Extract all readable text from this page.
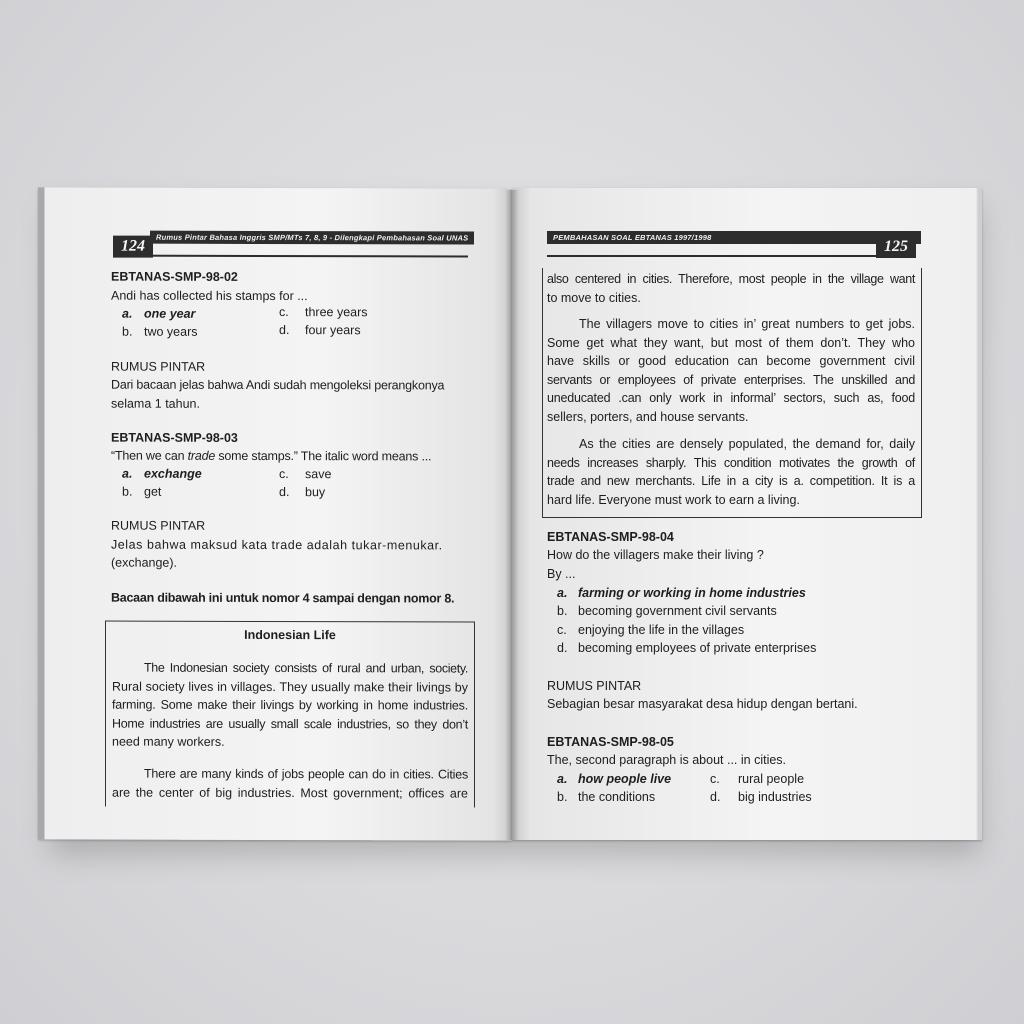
Rumus Pintar Bahasa Inggris SMP/MTs 7, 8, 9 - Dilengkapi Pembahasan Soal UNAS
124
EBTANAS-SMP-98-02
Andi has collected his stamps for ...
a. one year	c. three years
b. two years	d. four years
RUMUS PINTAR
Dari bacaan jelas bahwa Andi sudah mengoleksi perangkonya
selama 1 tahun.
EBTANAS-SMP-98-03
“Then we can trade some stamps.” The italic word means ...
a. exchange	c. save
b. get	d. buy
RUMUS PINTAR
Jelas bahwa maksud kata trade adalah tukar-menukar.
(exchange).
Bacaan dibawah ini untuk nomor 4 sampai dengan nomor 8.
Indonesian Life
The Indonesian society consists of rural and urban, society.
Rural society lives in villages. They usually make their livings by
farming. Some make their livings by working in home industries.
Home industries are usually small scale industries, so they don’t
need many workers.
There are many kinds of jobs people can do in cities. Cities
are the center of big industries. Most government; offices are
PEMBAHASAN SOAL EBTANAS 1997/1998
125
also centered in cities. Therefore, most people in the village want
to move to cities.
The villagers move to cities in’ great numbers to get jobs.
Some get what they want, but most of them don’t. They who
have skills or good education can become government civil
servants or employees of private enterprises. The unskilled and
uneducated .can only work in informal’ sectors, such as, food
sellers, porters, and house servants.
As the cities are densely populated, the demand for, daily
needs increases sharply. This condition motivates the growth of
trade and new merchants. Life in a city is a. competition. It is a
hard life. Everyone must work to earn a living.
EBTANAS-SMP-98-04
How do the villagers make their living ?
By ...
a. farming or working in home industries
b. becoming government civil servants
c. enjoying the life in the villages
d. becoming employees of private enterprises
RUMUS PINTAR
Sebagian besar masyarakat desa hidup dengan bertani.
EBTANAS-SMP-98-05
The, second paragraph is about ... in cities.
a. how people live	c. rural people
b. the conditions	d. big industries
